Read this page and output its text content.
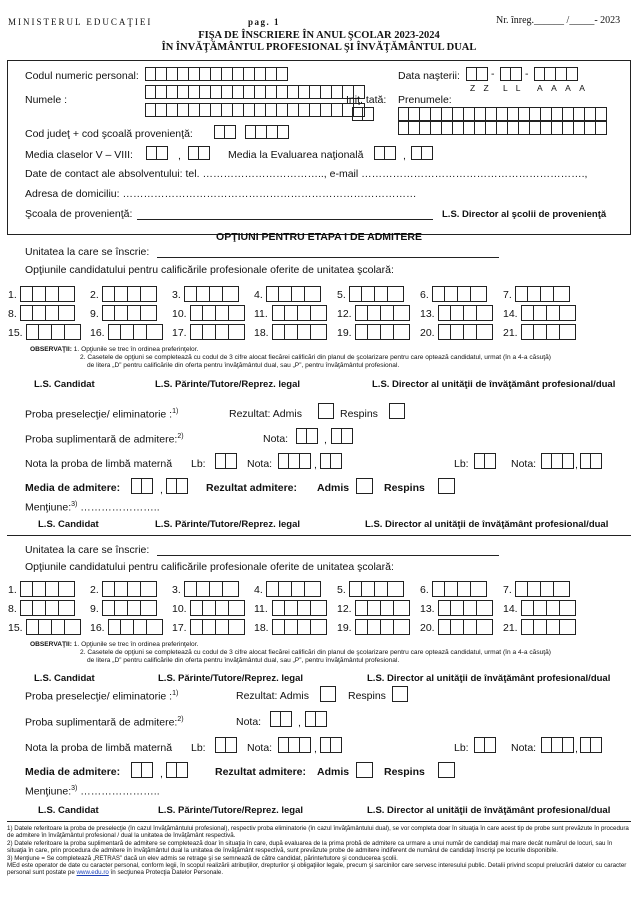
MINISTERUL EDUCAŢIEI	pag. 1	Nr. înreg.______ /_____- 2023
FIŞA DE ÎNSCRIERE ÎN ANUL ŞCOLAR 2023-2024
ÎN ÎNVĂŢĂMÂNTUL PROFESIONAL ŞI ÎNVĂŢĂMÂNTUL DUAL
Codul numeric personal:	Data naşterii:	-	-
Z Z L L A A A A
Numele :	Iniţ. tată: Prenumele:
Cod judeţ + cod şcoală provenienţă:
Media claselor V – VIII:	,	Media la Evaluarea naţională	,
Date de contact ale absolventului: tel. …………………………….., e-mail ……………………………………………………….,
Adresa de domiciliu: …………………………………………………………………………
Şcoala de provenienţă:	L.S. Director al şcolii de provenienţă
OPŢIUNI PENTRU ETAPA I DE ADMITERE
Unitatea la care se înscrie:
Opţiunile candidatului pentru calificările profesionale oferite de unitatea şcolară:
1.	2.	3.	4.	5.	6.	7.
8.	9.	10.	11.	12.	13.	14.
15.	16.	17.	18.	19.	20.	21.
OBSERVAŢII: 1. Opţiunile se trec în ordinea preferinţelor.
2. Casetele de opţiuni se completează cu codul de 3 cifre alocat fiecărei calificări din planul de şcolarizare pentru care optează candidatul, urmat (în a 4-a căsuţă)
de litera „D” pentru calificările din oferta pentru învăţământul dual, sau „P”, pentru învăţământul profesional.
L.S. Candidat	L.S. Părinte/Tutore/Reprez. legal	L.S. Director al unităţii de învăţământ profesional/dual
Proba preselecţie/ eliminatorie :$^{1)}$	Rezultat: Admis	Respins
Proba suplimentară de admitere:$^{2)}$	Nota:	,
Nota la proba de limbă maternă Lb:	Nota:	,	Lb:	Nota:	,
Media de admitere:	,	Rezultat admitere: Admis	Respins
Menţiune:$^{3)}$ …………………..
L.S. Candidat	L.S. Părinte/Tutore/Reprez. legal	L.S. Director al unităţii de învăţământ profesional/dual
Unitatea la care se înscrie:
Opţiunile candidatului pentru calificările profesionale oferite de unitatea şcolară:
1.	2.	3.	4.	5.	6.	7.
8.	9.	10.	11.	12.	13.	14.
15.	16.	17.	18.	19.	20.	21.
OBSERVAŢII: 1. Opţiunile se trec în ordinea preferinţelor.
2. Casetele de opţiuni se completează cu codul de 3 cifre alocat fiecărei calificări din planul de şcolarizare pentru care optează candidatul, urmat (în a 4-a căsuţă)
de litera „D” pentru calificările din oferta pentru învăţământul dual, sau „P”, pentru învăţământul profesional.
L.S. Candidat	L.S. Părinte/Tutore/Reprez. legal	L.S. Director al unităţii de învăţământ profesional/dual
Proba preselecţie/ eliminatorie :$^{1)}$	Rezultat: Admis	Respins
Proba suplimentară de admitere:$^{2)}$	Nota:	,
Nota la proba de limbă maternă Lb:	Nota:	,	Lb:	Nota:	,
Media de admitere:	,	Rezultat admitere: Admis	Respins
Menţiune:$^{3)}$ …………………..
L.S. Candidat	L.S. Părinte/Tutore/Reprez. legal	L.S. Director al unităţii de învăţământ profesional/dual
1) Datele referitoare la proba de preselecţie (în cazul învăţământului profesional), respectiv proba eliminatorie (în cazul învăţământului dual), se vor completa doar în situaţia în care acest tip de probe sunt prevăzute în procedura de admitere în învăţământul profesional / dual la unitatea de învăţământ respectivă.
2) Datele referitoare la proba suplimentară de admitere se completează doar în situaţia în care, după evaluarea de la prima probă de admitere ca urmare a unui număr de candidaţi mai mare decât numărul de locuri, sau în situaţia în care, prin procedura de admitere în învăţământul dual la unitatea de învăţământ respectivă, sunt prevăzute probe de admitere indiferent de numărul de candidaţi înscrişi pe locurile disponibile.
3) Menţiune = Se completează „RETRAS” dacă un elev admis se retrage şi se semnează de către candidat, părinte/tutore şi conducerea şcolii.
MEd este operator de date cu caracter personal, conform legii, în scopul realizării atribuţiilor, drepturilor şi obligaţiilor legale, precum şi sarcinilor care servesc interesului public. Detalii privind scopul prelucrării datelor cu caracter personal sunt postate pe www.edu.ro în secţiunea Protecţia Datelor Personale.
